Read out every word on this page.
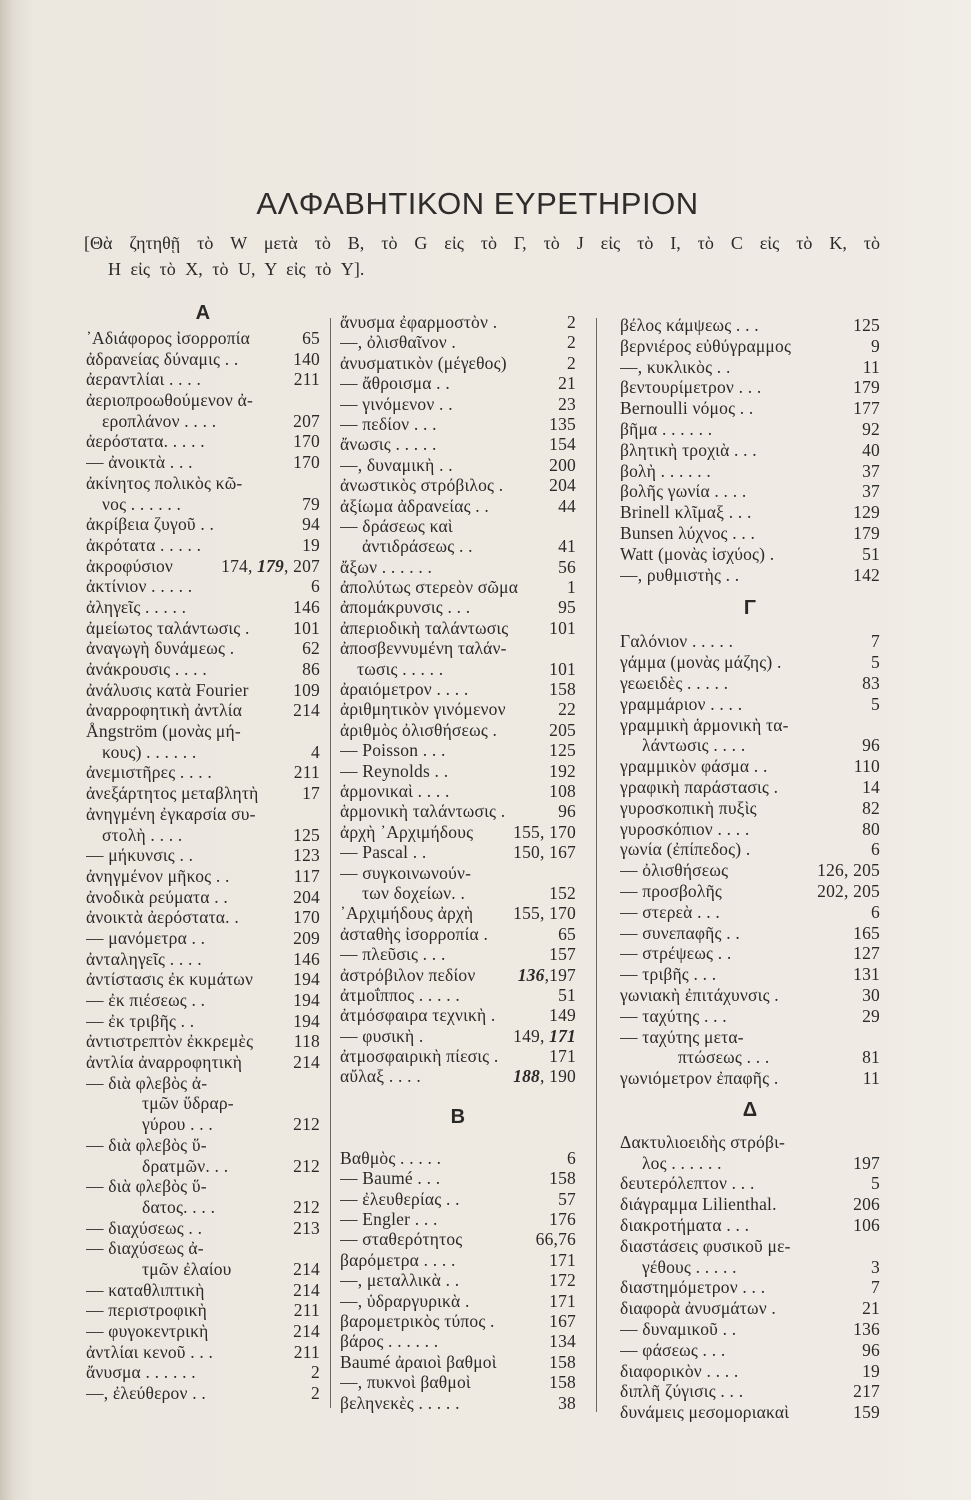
ΑΛΦΑΒΗΤΙΚΟΝ ΕΥΡΕΤΗΡΙΟΝ
[Θὰ ζητηθῇ τὸ W μετὰ τὸ B, τὸ G εἰς τὸ Γ, τὸ J εἰς τὸ I, τὸ C εἰς τὸ K, τὸ
H εἰς τὸ X, τὸ U, Y εἰς τὸ Y].
Α
᾿Αδιάφορος ἰσορροπία	65
ἀδρανείας δύναμις . .	140
ἀεραντλίαι . . . .	211
ἀεριοπροωθούμενον ἀ-
εροπλάνον . . . .	207
ἀερόστατα. . . . .	170
— ἀνοικτὰ . . .	170
ἀκίνητος πολικὸς κῶ-
νος . . . . . .	79
ἀκρίβεια ζυγοῦ . .	94
ἀκρότατα . . . . .	19
ἀκροφύσιον	174, 179, 207
ἀκτίνιον . . . . .	6
ἀληγεῖς . . . . .	146
ἀμείωτος ταλάντωσις .	101
ἀναγωγὴ δυνάμεως .	62
ἀνάκρουσις . . . .	86
ἀνάλυσις κατὰ Fourier	109
ἀναρροφητικὴ ἀντλία	214
Ångström (μονὰς μή-
κους) . . . . . .	4
ἀνεμιστῆρες . . . .	211
ἀνεξάρτητος μεταβλητὴ	17
ἀνηγμένη ἐγκαρσία συ-
στολὴ . . . .	125
— μήκυνσις . .	123
ἀνηγμένον μῆκος . .	117
ἀνοδικὰ ρεύματα . .	204
ἀνοικτὰ ἀερόστατα. .	170
— μανόμετρα . .	209
ἀνταληγεῖς . . . .	146
ἀντίστασις ἐκ κυμάτων	194
— ἐκ πιέσεως . .	194
— ἐκ τριβῆς . .	194
ἀντιστρεπτὸν ἐκκρεμὲς	118
ἀντλία ἀναρροφητικὴ	214
— διὰ φλεβὸς ἀ-
τμῶν ὕδραρ-
γύρου . . .	212
— διὰ φλεβὸς ὕ-
δρατμῶν. . .	212
— διὰ φλεβὸς ὕ-
δατος. . . .	212
— διαχύσεως . .	213
— διαχύσεως ἀ-
τμῶν ἐλαίου	214
— καταθλιπτικὴ	214
— περιστροφικὴ	211
— φυγοκεντρικὴ	214
ἀντλίαι κενοῦ . . .	211
ἄνυσμα . . . . . .	2
—, ἐλεύθερον . .	2
ἄνυσμα ἐφαρμοστὸν .	2
—, ὀλισθαῖνον .	2
ἀνυσματικὸν (μέγεθος)	2
— ἄθροισμα . .	21
— γινόμενον . .	23
— πεδίον . . .	135
ἄνωσις . . . . .	154
—, δυναμικὴ . .	200
ἀνωστικὸς στρόβιλος .	204
ἀξίωμα ἀδρανείας . .	44
— δράσεως καὶ
ἀντιδράσεως . .	41
ἄξων . . . . . .	56
ἀπολύτως στερεὸν σῶμα	1
ἀπομάκρυνσις . . .	95
ἀπεριοδικὴ ταλάντωσις	101
ἀποσβεννυμένη ταλάν-
τωσις . . . . .	101
ἀραιόμετρον . . . .	158
ἀριθμητικὸν γινόμενον	22
ἀριθμὸς ὀλισθήσεως .	205
— Poisson . . .	125
— Reynolds . .	192
ἁρμονικαὶ . . . .	108
ἁρμονικὴ ταλάντωσις .	96
ἀρχὴ ᾿Αρχιμήδους	155, 170
— Pascal . .	150, 167
— συγκοινωνούν-
των δοχείων. .	152
᾿Αρχιμήδους ἀρχὴ	155, 170
ἀσταθὴς ἰσορροπία .	65
— πλεῦσις . . .	157
ἀστρόβιλον πεδίον	136,197
ἀτμοΐππος . . . . .	51
ἀτμόσφαιρα τεχνικὴ .	149
— φυσικὴ .	149, 171
ἀτμοσφαιρικὴ πίεσις .	171
αὔλαξ . . . .	188, 190
Β
Βαθμὸς . . . . .	6
— Baumé . . .	158
— ἐλευθερίας . .	57
— Engler . . .	176
— σταθερότητος	66,76
βαρόμετρα . . . .	171
—, μεταλλικὰ . .	172
—, ὑδραργυρικὰ .	171
βαρομετρικὸς τύπος .	167
βάρος . . . . . .	134
Baumé ἀραιοὶ βαθμοὶ	158
—, πυκνοὶ βαθμοὶ	158
βεληνεκὲς . . . . .	38
βέλος κάμψεως . . .	125
βερνιέρος εὐθύγραμμος	9
—, κυκλικὸς . .	11
βεντουρίμετρον . . .	179
Bernoulli νόμος . .	177
βῆμα . . . . . .	92
βλητικὴ τροχιὰ . . .	40
βολὴ . . . . . .	37
βολῆς γωνία . . . .	37
Brinell κλῖμαξ . . .	129
Bunsen λύχνος . . .	179
Watt (μονὰς ἰσχύος) .	51
—, ρυθμιστὴς . .	142
Γ
Γαλόνιον . . . . .	7
γάμμα (μονὰς μάζης) .	5
γεωειδὲς . . . . .	83
γραμμάριον . . . .	5
γραμμικὴ ἁρμονικὴ τα-
λάντωσις . . . .	96
γραμμικὸν φάσμα . .	110
γραφικὴ παράστασις .	14
γυροσκοπικὴ πυξὶς	82
γυροσκόπιον . . . .	80
γωνία (ἐπίπεδος) .	6
— ὀλισθήσεως	126, 205
— προσβολῆς	202, 205
— στερεὰ . . .	6
— συνεπαφῆς . .	165
— στρέψεως . .	127
— τριβῆς . . .	131
γωνιακὴ ἐπιτάχυνσις .	30
— ταχύτης . . .	29
— ταχύτης μετα-
πτώσεως . . .	81
γωνιόμετρον ἐπαφῆς .	11
Δ
Δακτυλιοειδὴς στρόβι-
λος . . . . . .	197
δευτερόλεπτον . . .	5
διάγραμμα Lilienthal.	206
διακροτήματα . . .	106
διαστάσεις φυσικοῦ με-
γέθους . . . . .	3
διαστημόμετρον . . .	7
διαφορὰ ἀνυσμάτων .	21
— δυναμικοῦ . .	136
— φάσεως . . .	96
διαφορικὸν . . . .	19
διπλῆ ζύγισις . . .	217
δυνάμεις μεσομοριακαὶ	159
